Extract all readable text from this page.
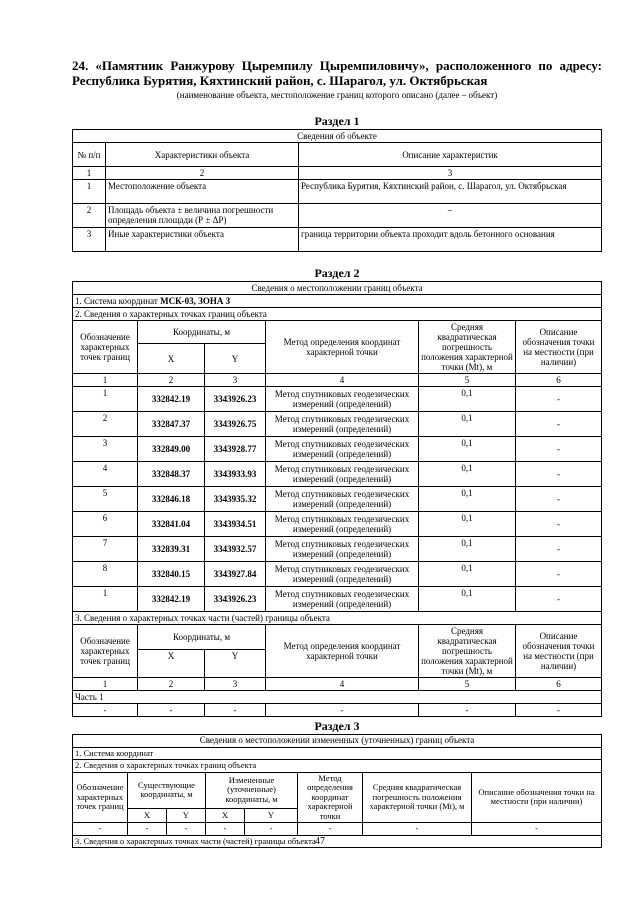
24. «Памятник Ранжурову Цыремпилу Цыремпиловичу», расположенного по адресу: Республика Бурятия, Кяхтинский район, с. Шарагол, ул. Октябрьская
(наименование объекта, местоположение границ которого описано (далее – объект)
Раздел 1
Сведения об объекте		
№ п/п	Характеристики объекта	Описание характеристик
1	2	3
1	Местоположение объекта	Республика Бурятия, Кяхтинский район, с. Шарагол, ул. Октябрьская
2	Площадь объекта ± величина погрешности определения площади (Р ± ΔР)	–
3	Иные характеристики объекта	граница территории объекта проходит вдоль бетонного основания
Раздел 2
Сведения о местоположении границ объекта					
1. Система координат МСК-03, ЗОНА 3					
2. Сведения о характерных точках границ объекта					
Обозначение характерных точек границ	Координаты, м		Метод определения координат характерной точки	Средняя квадратическая погрешность положения характерной точки (Mt), м	Описание обозначения точки на местности (при наличии)
	X	Y			
1	2	3	4	5	6
1	332842.19	3343926.23	Метод спутниковых геодезических измерений (определений)	0,1	-
2	332847.37	3343926.75	Метод спутниковых геодезических измерений (определений)	0,1	-
3	332849.00	3343928.77	Метод спутниковых геодезических измерений (определений)	0,1	-
4	332848.37	3343933.93	Метод спутниковых геодезических измерений (определений)	0,1	-
5	332846.18	3343935.32	Метод спутниковых геодезических измерений (определений)	0,1	-
6	332841.04	3343934.51	Метод спутниковых геодезических измерений (определений)	0,1	-
7	332839.31	3343932.57	Метод спутниковых геодезических измерений (определений)	0,1	-
8	332840.15	3343927.84	Метод спутниковых геодезических измерений (определений)	0,1	-
1	332842.19	3343926.23	Метод спутниковых геодезических измерений (определений)	0,1	-
3. Сведения о характерных точках части (частей) границы объекта					
Обозначение характерных точек границ	Координаты, м		Метод определения координат характерной точки	Средняя квадратическая погрешность положения характерной точки (Mt), м	Описание обозначения точки на местности (при наличии)
	X	Y			
1	2	3	4	5	6
Часть 1					
-	-	-	-	-	-
Раздел 3
Сведения о местоположении измененных (уточненных) границ объекта							
1. Система координат							
2. Сведения о характерных точках границ объекта							
Обозначение характерных точек границ	Существующие координаты, м		Измененные (уточненные) координаты, м		Метод определения координат характерной точки	Средняя квадратическая погрешность положения характерной точки (Mt), м	Описание обозначения точки на местности (при наличии)
	X	Y	X	Y			
-	-	-	-	-	-	-	-
3. Сведения о характерных точках части (частей) границы объекта							47
